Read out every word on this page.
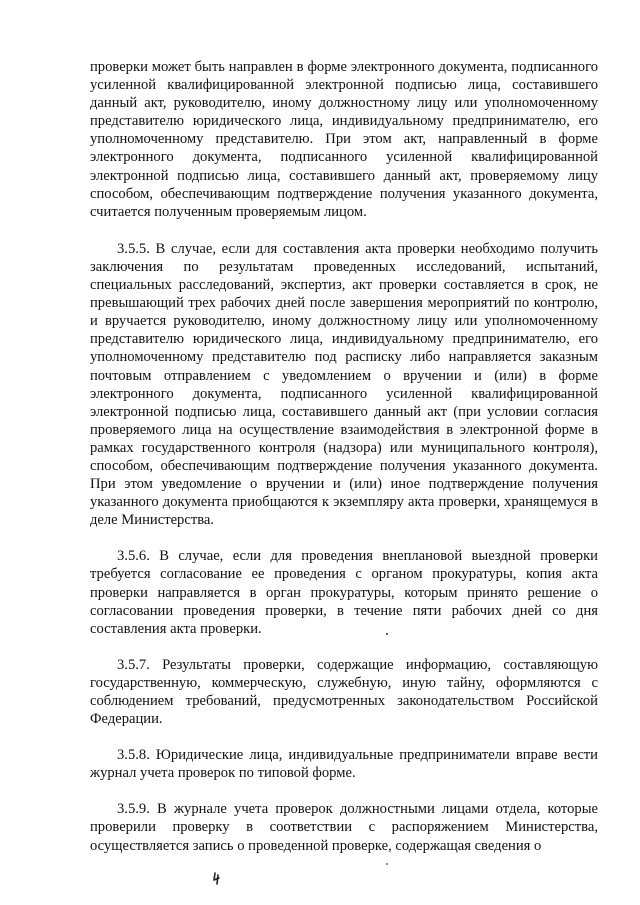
проверки может быть направлен в форме электронного документа, подписанного усиленной квалифицированной электронной подписью лица, составившего данный акт, руководителю, иному должностному лицу или уполномоченному представителю юридического лица, индивидуальному предпринимателю, его уполномоченному представителю. При этом акт, направленный в форме электронного документа, подписанного усиленной квалифицированной электронной подписью лица, составившего данный акт, проверяемому лицу способом, обеспечивающим подтверждение получения указанного документа, считается полученным проверяемым лицом.

3.5.5. В случае, если для составления акта проверки необходимо получить заключения по результатам проведенных исследований, испытаний, специальных расследований, экспертиз, акт проверки составляется в срок, не превышающий трех рабочих дней после завершения мероприятий по контролю, и вручается руководителю, иному должностному лицу или уполномоченному представителю юридического лица, индивидуальному предпринимателю, его уполномоченному представителю под расписку либо направляется заказным почтовым отправлением с уведомлением о вручении и (или) в форме электронного документа, подписанного усиленной квалифицированной электронной подписью лица, составившего данный акт (при условии согласия проверяемого лица на осуществление взаимодействия в электронной форме в рамках государственного контроля (надзора) или муниципального контроля), способом, обеспечивающим подтверждение получения указанного документа. При этом уведомление о вручении и (или) иное подтверждение получения указанного документа приобщаются к экземпляру акта проверки, хранящемуся в деле Министерства.

3.5.6. В случае, если для проведения внеплановой выездной проверки требуется согласование ее проведения с органом прокуратуры, копия акта проверки направляется в орган прокуратуры, которым принято решение о согласовании проведения проверки, в течение пяти рабочих дней со дня составления акта проверки.

3.5.7. Результаты проверки, содержащие информацию, составляющую государственную, коммерческую, служебную, иную тайну, оформляются с соблюдением требований, предусмотренных законодательством Российской Федерации.

3.5.8. Юридические лица, индивидуальные предприниматели вправе вести журнал учета проверок по типовой форме.

3.5.9. В журнале учета проверок должностными лицами отдела, которые проверили проверку в соответствии с распоряжением Министерства, осуществляется запись о проведенной проверке, содержащая сведения о
